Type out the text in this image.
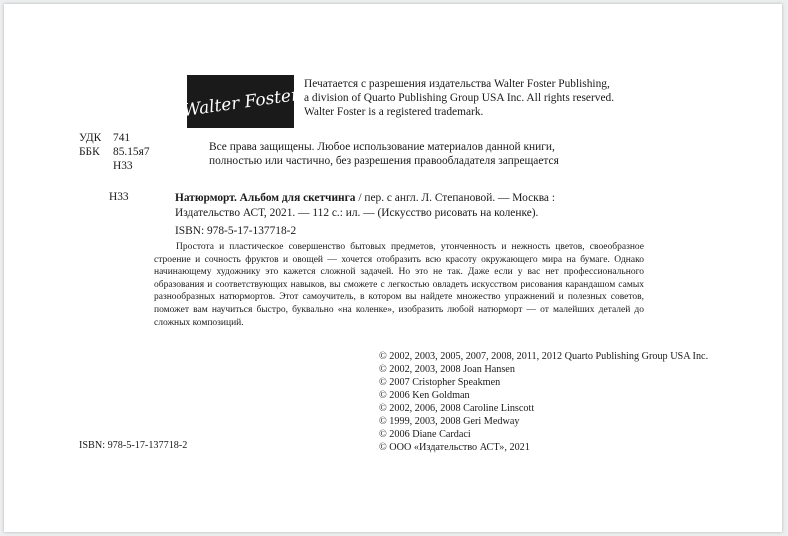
Walter Foster
Печатается с разрешения издательства Walter Foster Publishing,
a division of Quarto Publishing Group USA Inc. All rights reserved.
Walter Foster is a registered trademark.
УДК	741
ББК	85.15я7
Н33
Все права защищены. Любое использование материалов данной книги,
полностью или частично, без разрешения правообладателя запрещается
Н33	Натюрморт. Альбом для скетчинга / пер. с англ. Л. Степановой. — Москва : Издательство АСТ, 2021. — 112 с.: ил. — (Искусство рисовать на коленке).
ISBN: 978-5-17-137718-2
Простота и пластическое совершенство бытовых предметов, утонченность и нежность цветов, своеобразное строение и сочность фруктов и овощей — хочется отобразить всю красоту окружающего мира на бумаге. Однако начинающему художнику это кажется сложной задачей. Но это не так. Даже если у вас нет профессионального образования и соответствующих навыков, вы сможете с легкостью овладеть искусством рисования карандашом самых разнообразных натюрмортов. Этот самоучитель, в котором вы найдете множество упражнений и полезных советов, поможет вам научиться быстро, буквально «на коленке», изобразить любой натюрморт — от малейших деталей до сложных композиций.
© 2002, 2003, 2005, 2007, 2008, 2011, 2012 Quarto Publishing Group USA Inc.
© 2002, 2003, 2008 Joan Hansen
© 2007 Cristopher Speakmen
© 2006 Ken Goldman
© 2002, 2006, 2008 Caroline Linscott
© 1999, 2003, 2008 Geri Medway
© 2006 Diane Cardaci
© ООО «Издательство АСТ», 2021
ISBN: 978-5-17-137718-2
